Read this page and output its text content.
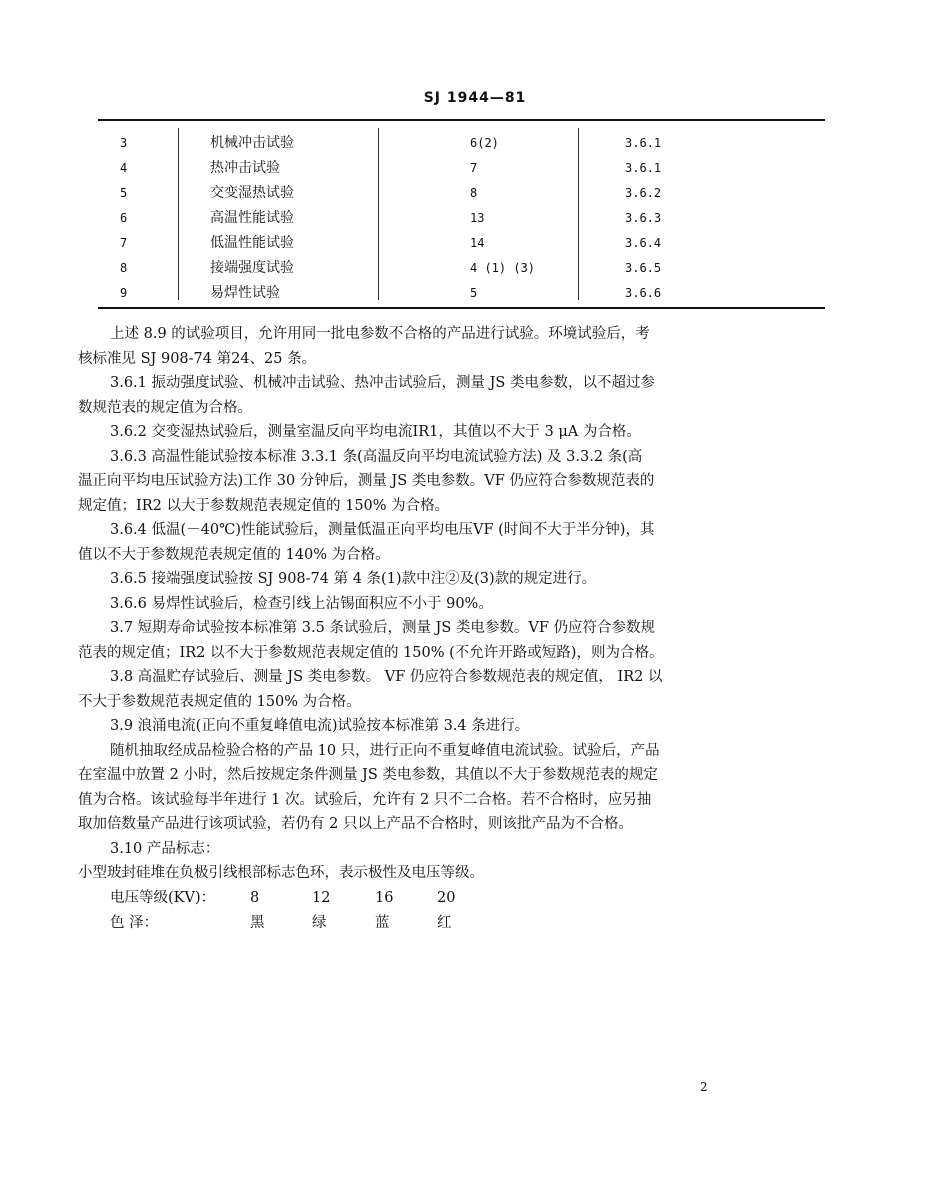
SJ 1944—81
3	机械冲击试验	6(2)	3.6.1
4	热冲击试验	7	3.6.1
5	交变湿热试验	8	3.6.2
6	高温性能试验	13	3.6.3
7	低温性能试验	14	3.6.4
8	接端强度试验	4 (1) (3)	3.6.5
9	易焊性试验	5	3.6.6

上述 8.9 的试验项目，允许用同一批电参数不合格的产品进行试验。环境试验后，考

核标准见 SJ 908-74 第24、25 条。

3.6.1 振动强度试验、机械冲击试验、热冲击试验后，测量 JS 类电参数，以不超过参

数规范表的规定值为合格。

3.6.2 交变湿热试验后，测量室温反向平均电流IR1，其值以不大于 3 μA 为合格。

3.6.3 高温性能试验按本标准 3.3.1 条(高温反向平均电流试验方法) 及 3.3.2 条(高

温正向平均电压试验方法)工作 30 分钟后，测量 JS 类电参数。VF 仍应符合参数规范表的

规定值；IR2 以大于参数规范表规定值的 150% 为合格。

3.6.4 低温(－40℃)性能试验后，测量低温正向平均电压VF (时间不大于半分钟)，其

值以不大于参数规范表规定值的 140% 为合格。

3.6.5 接端强度试验按 SJ 908-74 第 4 条(1)款中注②及(3)款的规定进行。

3.6.6 易焊性试验后，检查引线上沾锡面积应不小于 90%。

3.7 短期寿命试验按本标准第 3.5 条试验后，测量 JS 类电参数。VF 仍应符合参数规

范表的规定值；IR2 以不大于参数规范表规定值的 150% (不允许开路或短路)，则为合格。

3.8 高温贮存试验后、测量 JS 类电参数。 VF 仍应符合参数规范表的规定值， IR2 以

不大于参数规范表规定值的 150% 为合格。

3.9 浪涌电流(正向不重复峰值电流)试验按本标准第 3.4 条进行。

随机抽取经成品检验合格的产品 10 只，进行正向不重复峰值电流试验。试验后，产品

在室温中放置 2 小时，然后按规定条件测量 JS 类电参数，其值以不大于参数规范表的规定

值为合格。该试验每半年进行 1 次。试验后，允许有 2 只不二合格。若不合格时，应另抽

取加倍数量产品进行该项试验，若仍有 2 只以上产品不合格时，则该批产品为不合格。

3.10 产品标志：

小型玻封硅堆在负极引线根部标志色环，表示极性及电压等级。

电压等级(KV)： 8	12	16	20
色 泽：	黑	绿	蓝	红
2
